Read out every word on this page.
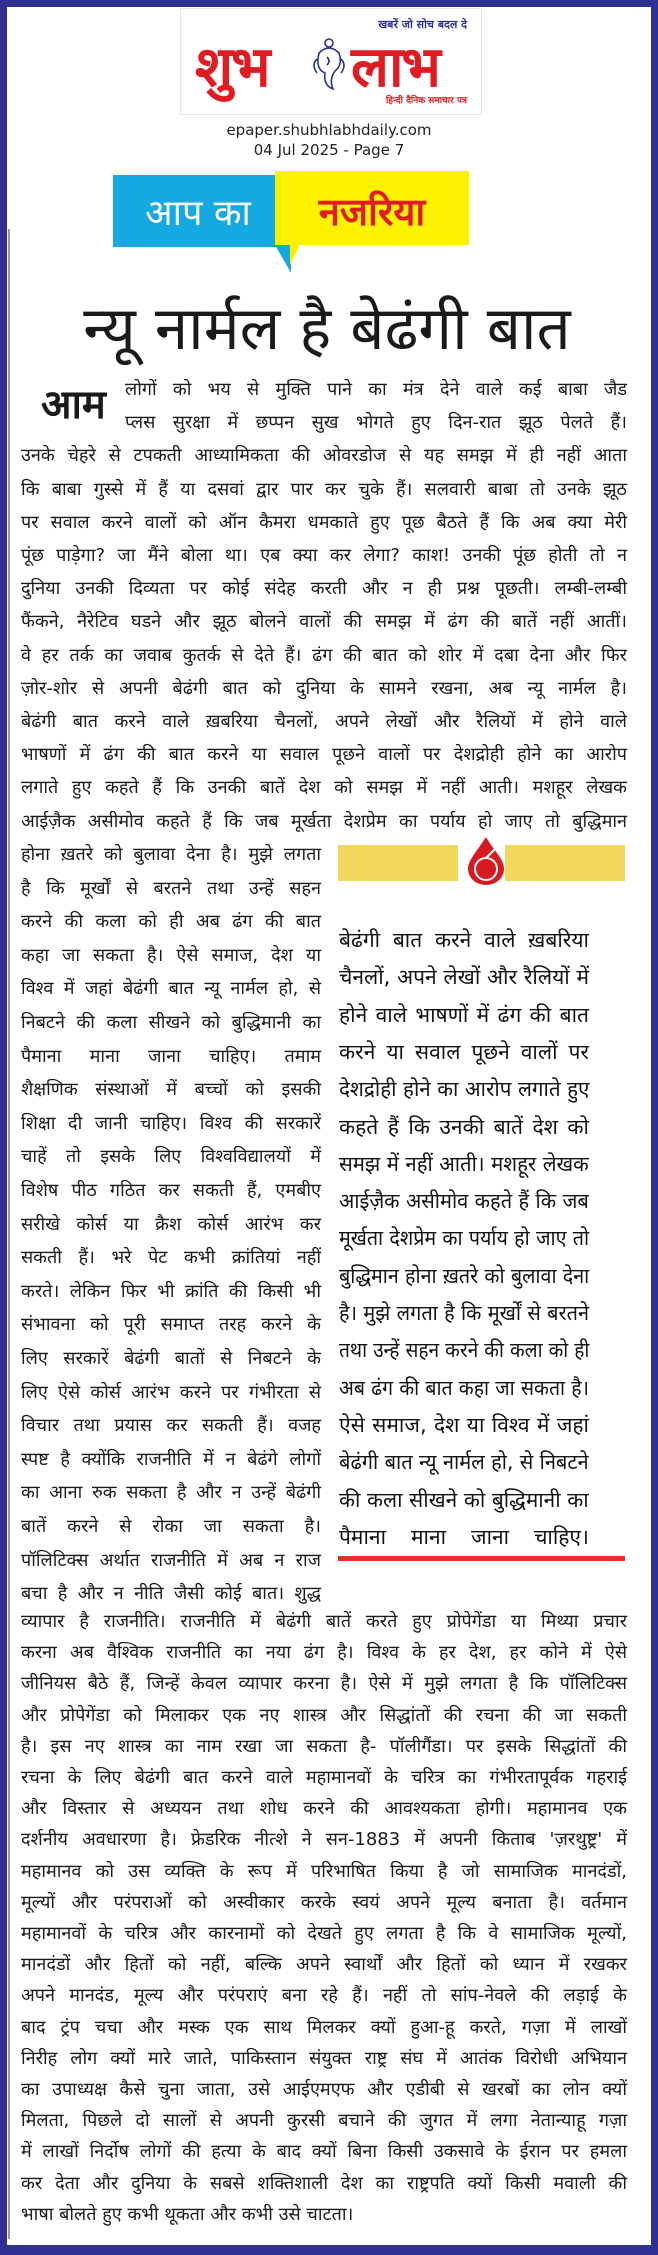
खबरें जो सोच बदल दे
शुभ लाभ
हिन्दी दैनिक समाचार पत्र
epaper.shubhlabhdaily.com
04 Jul 2025 - Page 7
आप का	नजरिया
न्यू नार्मल है बेढंगी बात
आम लोगों को भय से मुक्ति पाने का मंत्र देने वाले कई बाबा जैड
प्लस सुरक्षा में छप्पन सुख भोगते हुए दिन-रात झूठ पेलते हैं।
उनके चेहरे से टपकती आध्यामिकता की ओवरडोज से यह समझ में ही नहीं आता
कि बाबा गुस्से में हैं या दसवां द्वार पार कर चुके हैं। सलवारी बाबा तो उनके झूठ
पर सवाल करने वालों को ऑन कैमरा धमकाते हुए पूछ बैठते हैं कि अब क्या मेरी
पूंछ पाड़ेगा? जा मैंने बोला था। एब क्या कर लेगा? काश! उनकी पूंछ होती तो न
दुनिया उनकी दिव्यता पर कोई संदेह करती और न ही प्रश्न पूछती। लम्बी-लम्बी
फैंकने, नैरेटिव घडने और झूठ बोलने वालों की समझ में ढंग की बातें नहीं आतीं।
वे हर तर्क का जवाब कुतर्क से देते हैं। ढंग की बात को शोर में दबा देना और फिर
ज़ोर-शोर से अपनी बेढंगी बात को दुनिया के सामने रखना, अब न्यू नार्मल है।
बेढंगी बात करने वाले ख़बरिया चैनलों, अपने लेखों और रैलियों में होने वाले
भाषणों में ढंग की बात करने या सवाल पूछने वालों पर देशद्रोही होने का आरोप
लगाते हुए कहते हैं कि उनकी बातें देश को समझ में नहीं आती। मशहूर लेखक
आईज़ैक असीमोव कहते हैं कि जब मूर्खता देशप्रेम का पर्याय हो जाए तो बुद्धिमान
होना ख़तरे को बुलावा देना है। मुझे लगता
है कि मूर्खों से बरतने तथा उन्हें सहन
करने की कला को ही अब ढंग की बात
कहा जा सकता है। ऐसे समाज, देश या
विश्व में जहां बेढंगी बात न्यू नार्मल हो, से
निबटने की कला सीखने को बुद्धिमानी का
पैमाना माना जाना चाहिए। तमाम
शैक्षणिक संस्थाओं में बच्चों को इसकी
शिक्षा दी जानी चाहिए। विश्व की सरकारें
चाहें तो इसके लिए विश्वविद्यालयों में
विशेष पीठ गठित कर सकती हैं, एमबीए
सरीखे कोर्स या क्रैश कोर्स आरंभ कर
सकती हैं। भरे पेट कभी क्रांतियां नहीं
करते। लेकिन फिर भी क्रांति की किसी भी
संभावना को पूरी समाप्त तरह करने के
लिए सरकारें बेढंगी बातों से निबटने के
लिए ऐसे कोर्स आरंभ करने पर गंभीरता से
विचार तथा प्रयास कर सकती हैं। वजह
स्पष्ट है क्योंकि राजनीति में न बेढंगे लोगों
का आना रुक सकता है और न उन्हें बेढंगी
बातें करने से रोका जा सकता है।
पॉलिटिक्स अर्थात राजनीति में अब न राज
बचा है और न नीति जैसी कोई बात। शुद्ध
बेढंगी बात करने वाले ख़बरिया
चैनलों, अपने लेखों और रैलियों में
होने वाले भाषणों में ढंग की बात
करने या सवाल पूछने वालों पर
देशद्रोही होने का आरोप लगाते हुए
कहते हैं कि उनकी बातें देश को
समझ में नहीं आती। मशहूर लेखक
आईज़ैक असीमोव कहते हैं कि जब
मूर्खता देशप्रेम का पर्याय हो जाए तो
बुद्धिमान होना ख़तरे को बुलावा देना
है। मुझे लगता है कि मूर्खों से बरतने
तथा उन्हें सहन करने की कला को ही
अब ढंग की बात कहा जा सकता है।
ऐसे समाज, देश या विश्व में जहां
बेढंगी बात न्यू नार्मल हो, से निबटने
की कला सीखने को बुद्धिमानी का
पैमाना माना जाना चाहिए।
व्यापार है राजनीति। राजनीति में बेढंगी बातें करते हुए प्रोपेगेंडा या मिथ्या प्रचार
करना अब वैश्विक राजनीति का नया ढंग है। विश्व के हर देश, हर कोने में ऐसे
जीनियस बैठे हैं, जिन्हें केवल व्यापार करना है। ऐसे में मुझे लगता है कि पॉलिटिक्स
और प्रोपेगेंडा को मिलाकर एक नए शास्त्र और सिद्धांतों की रचना की जा सकती
है। इस नए शास्त्र का नाम रखा जा सकता है- पॉलीगैंडा। पर इसके सिद्धांतों की
रचना के लिए बेढंगी बात करने वाले महामानवों के चरित्र का गंभीरतापूर्वक गहराई
और विस्तार से अध्ययन तथा शोध करने की आवश्यकता होगी। महामानव एक
दर्शनीय अवधारणा है। फ्रेडरिक नीत्शे ने सन-1883 में अपनी किताब 'ज़रथुष्ट्र' में
महामानव को उस व्यक्ति के रूप में परिभाषित किया है जो सामाजिक मानदंडों,
मूल्यों और परंपराओं को अस्वीकार करके स्वयं अपने मूल्य बनाता है। वर्तमान
महामानवों के चरित्र और कारनामों को देखते हुए लगता है कि वे सामाजिक मूल्यों,
मानदंडों और हितों को नहीं, बल्कि अपने स्वार्थों और हितों को ध्यान में रखकर
अपने मानदंड, मूल्य और परंपराएं बना रहे हैं। नहीं तो सांप-नेवले की लड़ाई के
बाद ट्रंप चचा और मस्क एक साथ मिलकर क्यों हुआ-हू करते, गज़ा में लाखों
निरीह लोग क्यों मारे जाते, पाकिस्तान संयुक्त राष्ट्र संघ में आतंक विरोधी अभियान
का उपाध्यक्ष कैसे चुना जाता, उसे आईएमएफ और एडीबी से खरबों का लोन क्यों
मिलता, पिछले दो सालों से अपनी कुरसी बचाने की जुगत में लगा नेतान्याहू गज़ा
में लाखों निर्दोष लोगों की हत्या के बाद क्यों बिना किसी उकसावे के ईरान पर हमला
कर देता और दुनिया के सबसे शक्तिशाली देश का राष्ट्रपति क्यों किसी मवाली की
भाषा बोलते हुए कभी थूकता और कभी उसे चाटता।
